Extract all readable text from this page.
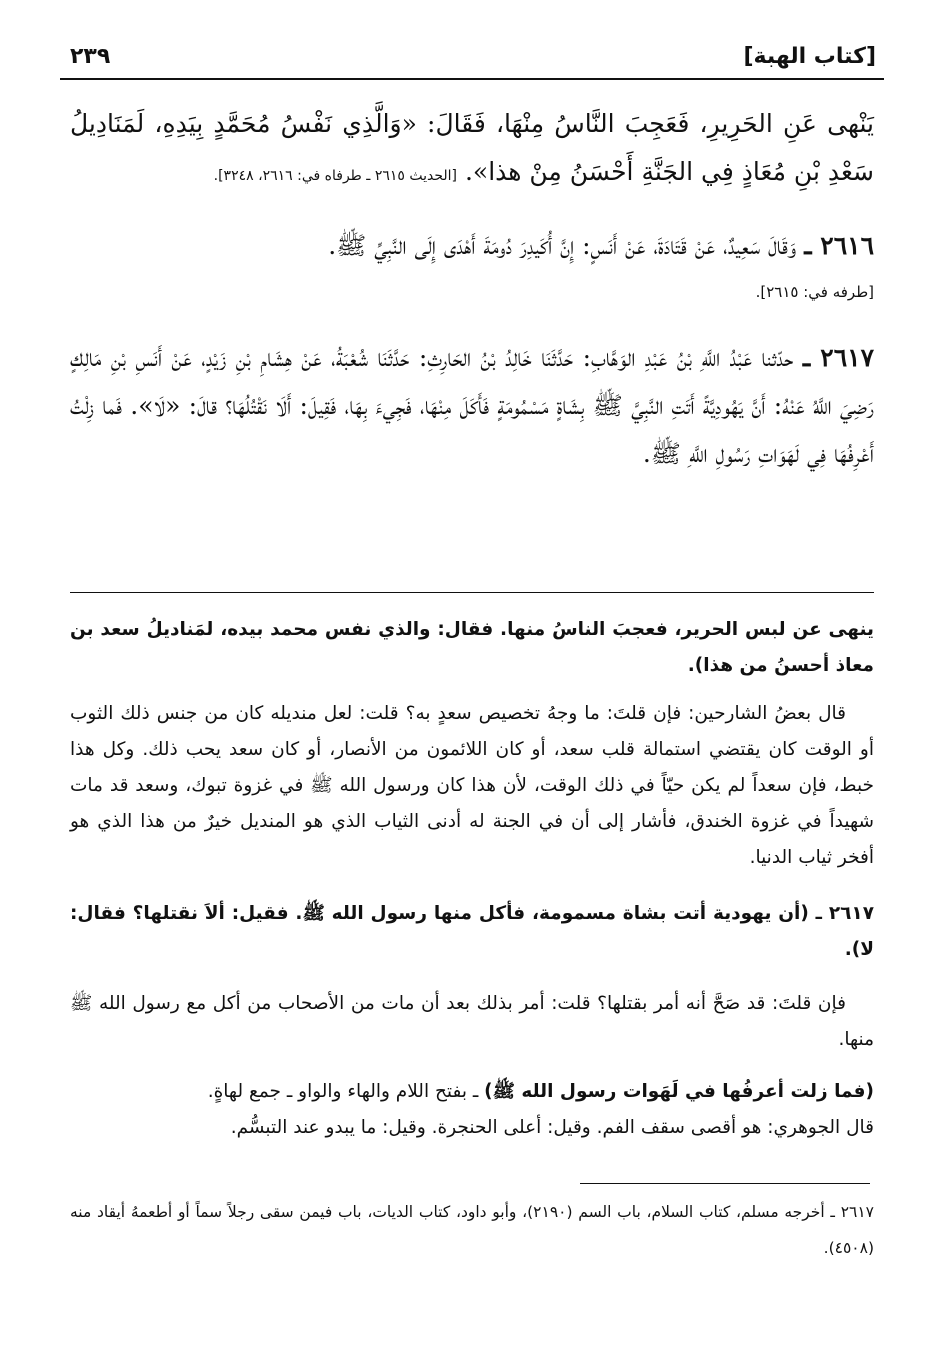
[كتاب الهبة]
٢٣٩
يَنْهى عَنِ الحَرِيرِ، فَعَجِبَ النَّاسُ مِنْهَا، فَقَالَ: «وَالَّذِي نَفْسُ مُحَمَّدٍ بِيَدِهِ، لَمَنَادِيلُ سَعْدِ بْنِ مُعَاذٍ فِي الجَنَّةِ أَحْسَنُ مِنْ هذا». [الحديث ٢٦١٥ ـ طرفاه في: ٢٦١٦، ٣٢٤٨].
٢٦١٦ ـ وَقَالَ سَعِيدٌ، عَنْ قَتَادَةَ، عَنْ أَنَسٍ: إِنَّ أُكَيدِرَ دُومَةَ أَهْدَى إِلَى النَّبِيِّ ﷺ.
[طرفه في: ٢٦١٥].
٢٦١٧ ـ حدّثنا عَبْدُ اللَّهِ بْنُ عَبْدِ الوَهَّابِ: حَدَّثَنَا خَالِدُ بْنُ الحَارِثِ: حَدَّثَنَا شُعْبَةُ، عَنْ هِشَامِ بْنِ زَيْدٍ، عَنْ أَنَسِ بْنِ مَالِكٍ رَضِيَ اللَّهُ عَنْهُ: أَنَّ يَهُودِيَّةً أَتَتِ النَّبِيَّ ﷺ بِشَاةٍ مَسْمُومَةٍ فَأَكَلَ مِنْهَا، فَجِيءَ بِهَا، فَقِيلَ: أَلَا نَقْتُلُهَا؟ قالَ: «لَا». فَما زِلْتُ أَعْرِفُهَا فِي لَهَوَاتِ رَسُولِ اللَّهِ ﷺ.
ينهى عن لبس الحرير، فعجبَ الناسُ منها. فقال: والذي نفس محمد بيده، لمَناديلُ سعد بن معاذ أحسنُ من هذا).
قال بعضُ الشارحين: فإن قلتَ: ما وجهُ تخصيص سعدٍ به؟ قلت: لعل منديله كان من جنس ذلك الثوب أو الوقت كان يقتضي استمالة قلب سعد، أو كان اللائمون من الأنصار، أو كان سعد يحب ذلك. وكل هذا خبط، فإن سعداً لم يكن حيّاً في ذلك الوقت، لأن هذا كان ورسول الله ﷺ في غزوة تبوك، وسعد قد مات شهيداً في غزوة الخندق، فأشار إلى أن في الجنة له أدنى الثياب الذي هو المنديل خيرٌ من هذا الذي هو أفخر ثياب الدنيا.
٢٦١٧ ـ (أن يهودية أتت بشاة مسمومة، فأكل منها رسول الله ﷺ. فقيل: ألاَ نقتلها؟ فقال: لا).
فإن قلتَ: قد صَحَّ أنه أمر بقتلها؟ قلت: أمر بذلك بعد أن مات من الأصحاب من أكل مع رسول الله ﷺ منها.
(فما زلت أعرفُها في لَهَوات رسول الله ﷺ) ـ بفتح اللام والهاء والواو ـ جمع لهاةٍ.
قال الجوهري: هو أقصى سقف الفم. وقيل: أعلى الحنجرة. وقيل: ما يبدو عند التبسُّم.
٢٦١٧ ـ أخرجه مسلم، كتاب السلام، باب السم (٢١٩٠)، وأبو داود، كتاب الديات، باب فيمن سقى رجلاً سماً أو أطعمهُ أيقاد منه (٤٥٠٨).
